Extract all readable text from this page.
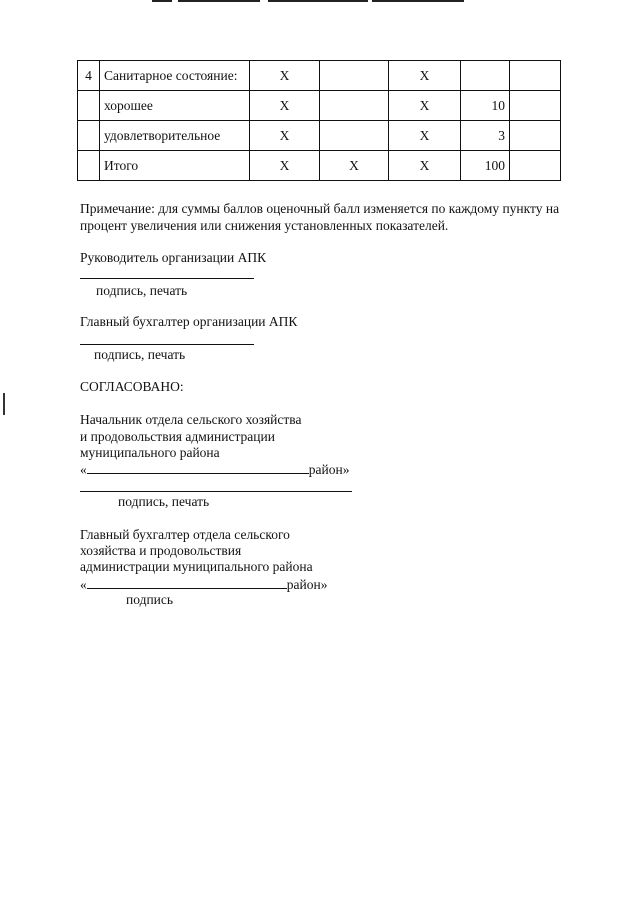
4	Санитарное состояние:	Х		Х		
	хорошее	Х		Х	10	
	удовлетворительное	Х		Х	3	
	Итого	Х	Х	Х	100	
Примечание: для суммы баллов оценочный балл изменяется по каждому пункту на
процент увеличения или снижения установленных показателей.
Руководитель организации АПК
подпись, печать
Главный бухгалтер организации АПК
подпись, печать
СОГЛАСОВАНО:
Начальник отдела сельского хозяйства
и продовольствия администрации
муниципального района
«	район»
подпись, печать
Главный бухгалтер отдела сельского
хозяйства и продовольствия
администрации муниципального района
«	район»
подпись
